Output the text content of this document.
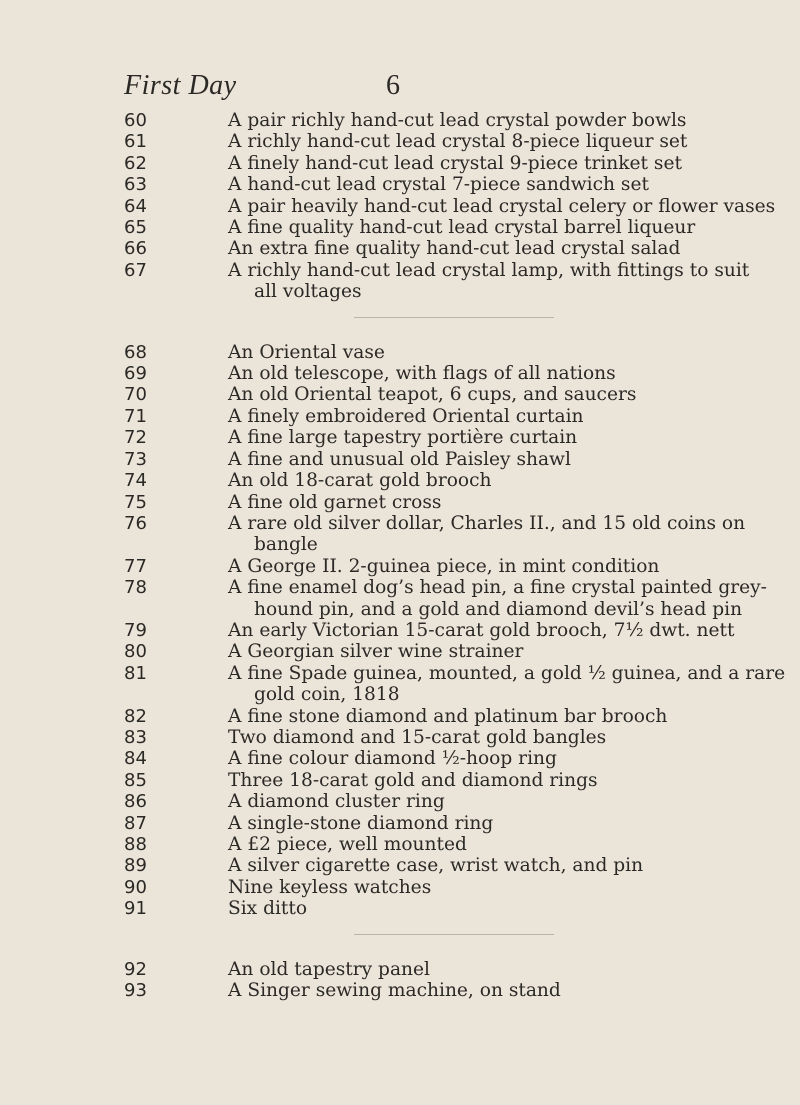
First Day	6
60	A pair richly hand-cut lead crystal powder bowls
61	A richly hand-cut lead crystal 8-piece liqueur set
62	A finely hand-cut lead crystal 9-piece trinket set
63	A hand-cut lead crystal 7-piece sandwich set
64	A pair heavily hand-cut lead crystal celery or flower vases
65	A fine quality hand-cut lead crystal barrel liqueur
66	An extra fine quality hand-cut lead crystal salad
67	A richly hand-cut lead crystal lamp, with fittings to suit
all voltages
68	An Oriental vase
69	An old telescope, with flags of all nations
70	An old Oriental teapot, 6 cups, and saucers
71	A finely embroidered Oriental curtain
72	A fine large tapestry portière curtain
73	A fine and unusual old Paisley shawl
74	An old 18-carat gold brooch
75	A fine old garnet cross
76	A rare old silver dollar, Charles II., and 15 old coins on
bangle
77	A George II. 2-guinea piece, in mint condition
78	A fine enamel dog’s head pin, a fine crystal painted grey-
hound pin, and a gold and diamond devil’s head pin
79	An early Victorian 15-carat gold brooch, 7½ dwt. nett
80	A Georgian silver wine strainer
81	A fine Spade guinea, mounted, a gold ½ guinea, and a rare
gold coin, 1818
82	A fine stone diamond and platinum bar brooch
83	Two diamond and 15-carat gold bangles
84	A fine colour diamond ½-hoop ring
85	Three 18-carat gold and diamond rings
86	A diamond cluster ring
87	A single-stone diamond ring
88	A £2 piece, well mounted
89	A silver cigarette case, wrist watch, and pin
90	Nine keyless watches
91	Six ditto
92	An old tapestry panel
93	A Singer sewing machine, on stand
